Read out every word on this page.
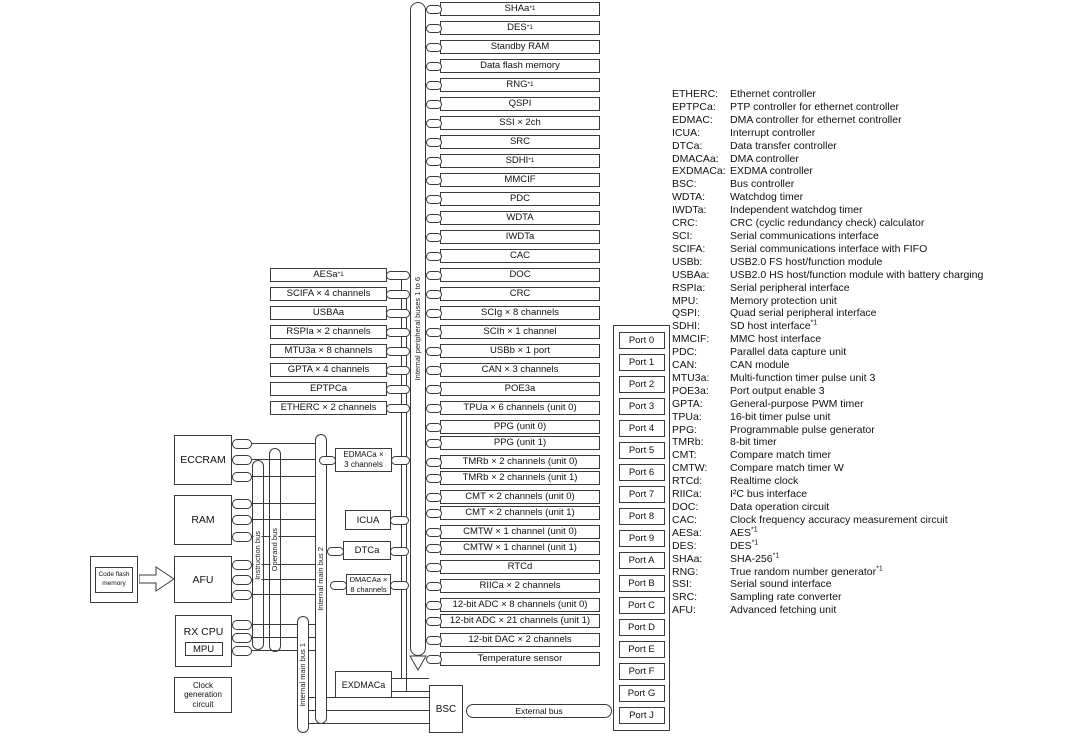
Instruction bus Operand bus	Internal main bus 2
Internal main bus 1
Internal peripheral buses 1 to 6
External bus
Code flash memory
ECCRAM
RAM
AFU
RX CPU
MPU
Clock generation circuit
EDMACa ×
3 channels
ICUA
DTCa
DMACAa ×
8 channels
EXDMACa
BSC
AESa *1
SCIFA × 4 channels
USBAa
RSPIa × 2 channels
MTU3a × 8 channels
GPTA × 4 channels
EPTPCa
ETHERC × 2 channels
SHAa *1
DES *1
Standby RAM
Data flash memory
RNG *1
QSPI
SSI × 2ch
SRC
SDHI *1
MMCIF
PDC
WDTA
IWDTa
CAC
DOC
CRC
SCIg × 8 channels
SCIh × 1 channel
USBb × 1 port
CAN × 3 channels
POE3a
TPUa × 6 channels (unit 0)
PPG (unit 0)
PPG (unit 1)
TMRb × 2 channels (unit 0)
TMRb × 2 channels (unit 1)
CMT × 2 channels (unit 0)
CMT × 2 channels (unit 1)
CMTW × 1 channel (unit 0)
CMTW × 1 channel (unit 1)
RTCd
RIICa × 2 channels
12-bit ADC × 8 channels (unit 0)
12-bit ADC × 21 channels (unit 1)
12-bit DAC × 2 channels
Temperature sensor
Port 0
Port 1
Port 2
Port 3
Port 4
Port 5
Port 6
Port 7
Port 8
Port 9
Port A
Port B
Port C
Port D
Port E
Port F
Port G
Port J
ETHERC:	Ethernet controller
EPTPCa:	PTP controller for ethernet controller
EDMAC:	DMA controller for ethernet controller
ICUA:	Interrupt controller
DTCa:	Data transfer controller
DMACAa:	DMA controller
EXDMACa: EXDMA controller
BSC:	Bus controller
WDTA:	Watchdog timer
IWDTa:	Independent watchdog timer
CRC:	CRC (cyclic redundancy check) calculator
SCI:	Serial communications interface
SCIFA:	Serial communications interface with FIFO
USBb:	USB2.0 FS host/function module
USBAa:	USB2.0 HS host/function module with battery charging
RSPIa:	Serial peripheral interface
MPU:	Memory protection unit
QSPI:	Quad serial peripheral interface
SDHI:	SD host interface$^{*1}$
MMCIF:	MMC host interface
PDC:	Parallel data capture unit
CAN:	CAN module
MTU3a:	Multi-function timer pulse unit 3
POE3a:	Port output enable 3
GPTA:	General-purpose PWM timer
TPUa:	16-bit timer pulse unit
PPG:	Programmable pulse generator
TMRb:	8-bit timer
CMT:	Compare match timer
CMTW:	Compare match timer W
RTCd:	Realtime clock
RIICa:	I²C bus interface
DOC:	Data operation circuit
CAC:	Clock frequency accuracy measurement circuit
AESa:	AES$^{*1}$
DES:	DES$^{*1}$
SHAa:	SHA-256$^{*1}$
RNG:	True random number generator$^{*1}$
SSI:	Serial sound interface
SRC:	Sampling rate converter
AFU:	Advanced fetching unit
